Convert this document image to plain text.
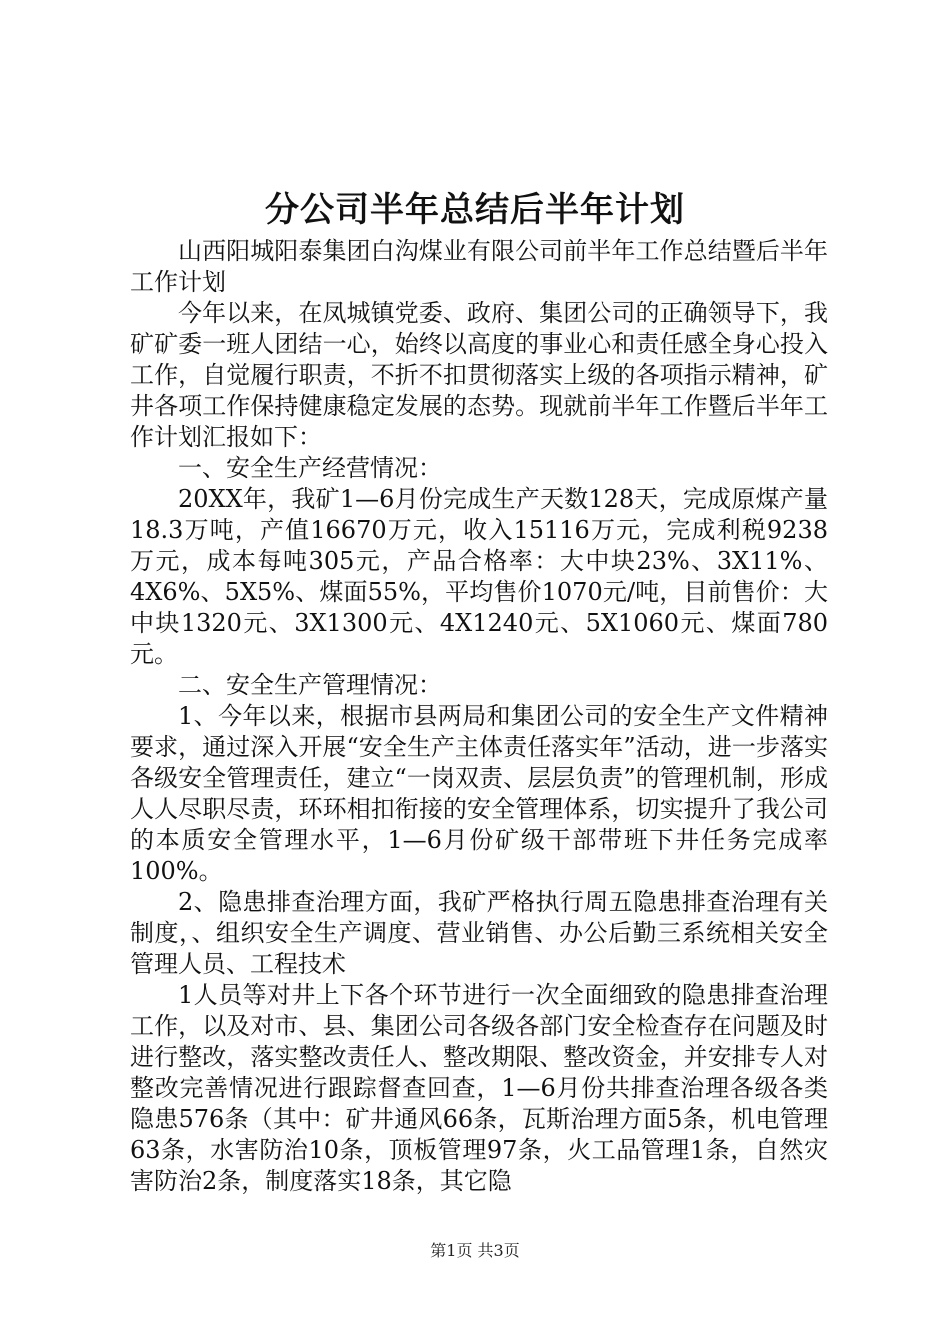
分公司半年总结后半年计划

山西阳城阳泰集团白沟煤业有限公司前半年工作总结暨后半年工作计划

今年以来，在凤城镇党委、政府、集团公司的正确领导下，我矿矿委一班人团结一心，始终以高度的事业心和责任感全身心投入工作，自觉履行职责，不折不扣贯彻落实上级的各项指示精神，矿井各项工作保持健康稳定发展的态势。现就前半年工作暨后半年工作计划汇报如下：

一、安全生产经营情况：

20XX年，我矿1—6月份完成生产天数128天，完成原煤产量18.3万吨，产值16670万元，收入15116万元，完成利税9238万元，成本每吨305元，产品合格率：大中块23%、3X11%、4X6%、5X5%、煤面55%，平均售价1070元/吨，目前售价：大中块1320元、3X1300元、4X1240元、5X1060元、煤面780元。

二、安全生产管理情况：

1、今年以来，根据市县两局和集团公司的安全生产文件精神要求，通过深入开展“安全生产主体责任落实年”活动，进一步落实各级安全管理责任，建立“一岗双责、层层负责”的管理机制，形成人人尽职尽责，环环相扣衔接的安全管理体系，切实提升了我公司的本质安全管理水平，1—6月份矿级干部带班下井任务完成率100%。

2、隐患排查治理方面，我矿严格执行周五隐患排查治理有关制度，、组织安全生产调度、营业销售、办公后勤三系统相关安全管理人员、工程技术

1人员等对井上下各个环节进行一次全面细致的隐患排查治理工作，以及对市、县、集团公司各级各部门安全检查存在问题及时进行整改，落实整改责任人、整改期限、整改资金，并安排专人对整改完善情况进行跟踪督查回查，1—6月份共排查治理各级各类隐患576条（其中：矿井通风66条，瓦斯治理方面5条，机电管理63条，水害防治10条，顶板管理97条，火工品管理1条，自然灾害防治2条，制度落实18条，其它隐

第1页 共3页
